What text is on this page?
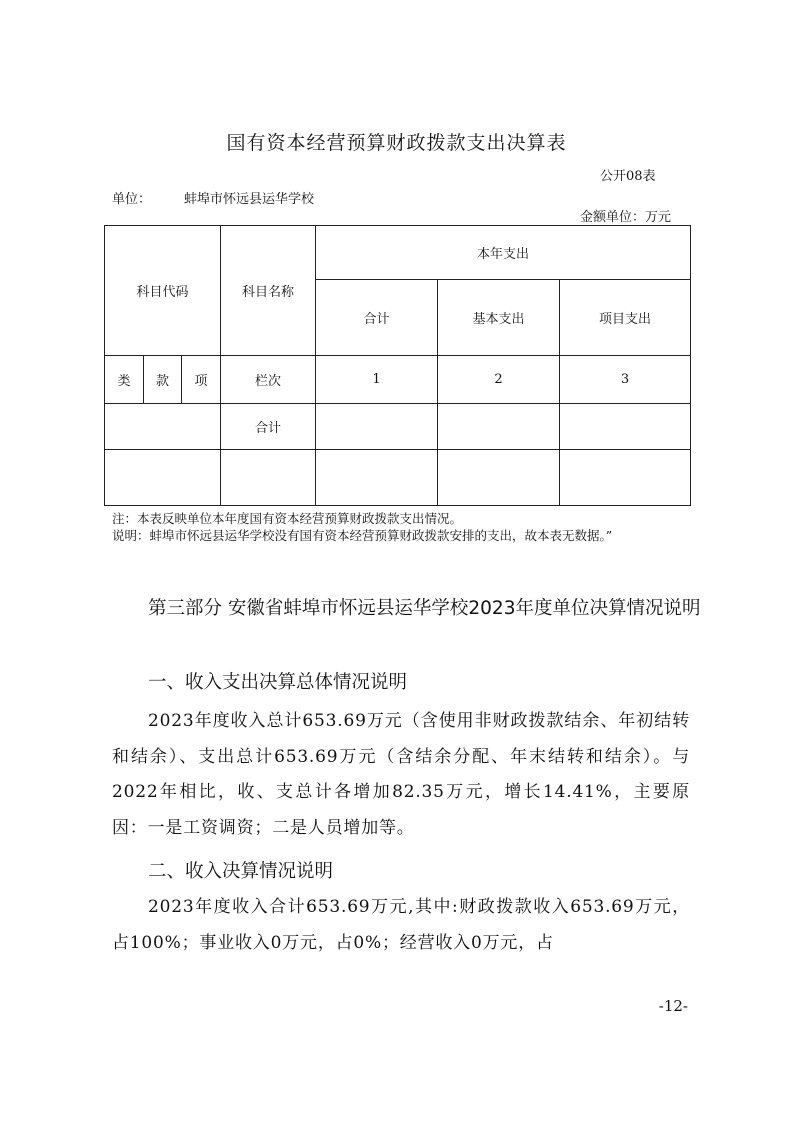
国有资本经营预算财政拨款支出决算表
公开08表
单位：	蚌埠市怀远县运华学校
金额单位：万元
科目代码			科目名称	本年支出		
				合计	基本支出	项目支出
类	款	项	栏次	1	2	3
			合计			

注：本表反映单位本年度国有资本经营预算财政拨款支出情况。
说明：蚌埠市怀远县运华学校没有国有资本经营预算财政拨款安排的支出，故本表无数据。”
第三部分 安徽省蚌埠市怀远县运华学校2023年度单位决算情况说明
一、收入支出决算总体情况说明
2023年度收入总计653.69万元（含使用非财政拨款结余、年初结转和结余）、支出总计653.69万元（含结余分配、年末结转和结余）。与2022年相比，收、支总计各增加82.35万元，增长14.41%，主要原因：一是工资调资；二是人员增加等。
二、收入决算情况说明
2023年度收入合计653.69万元,其中:财政拨款收入653.69万元，占100%；事业收入0万元，占0%；经营收入0万元，占
-12-
